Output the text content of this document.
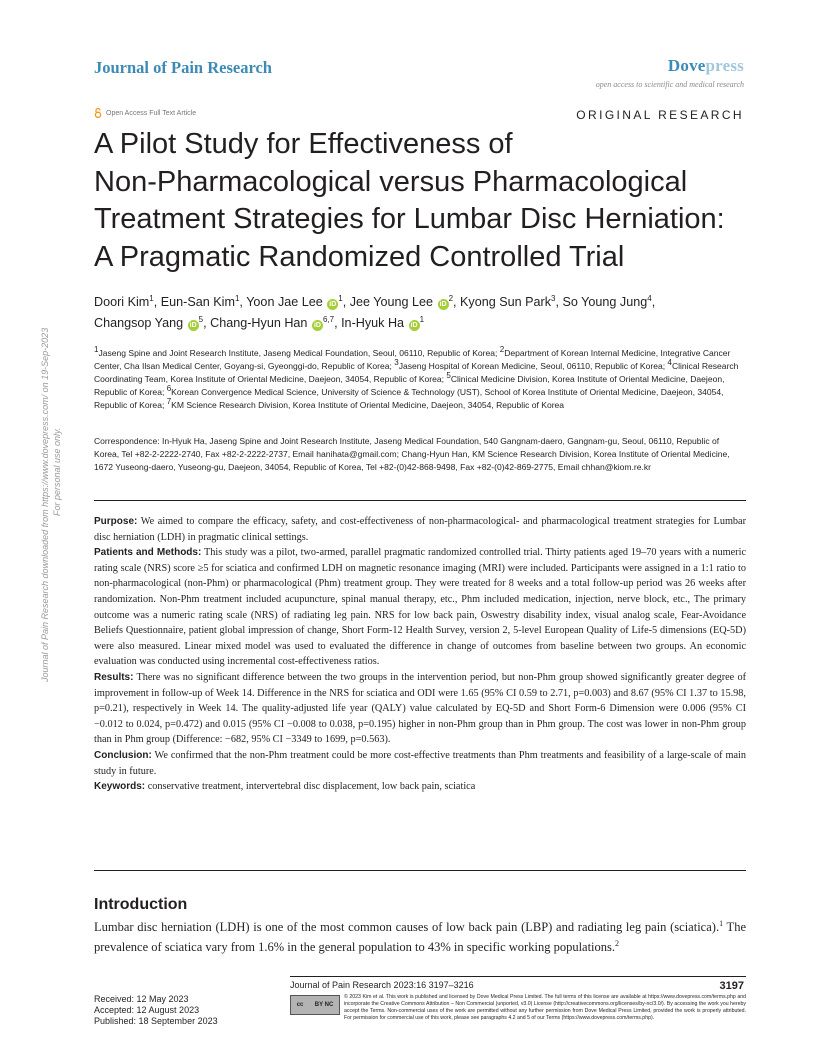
Journal of Pain Research	Dovepress
open access to scientific and medical research
Open Access Full Text Article	ORIGINAL RESEARCH
A Pilot Study for Effectiveness of
Non-Pharmacological versus Pharmacological
Treatment Strategies for Lumbar Disc Herniation:
A Pragmatic Randomized Controlled Trial
Doori Kim$^1$, Eun-San Kim$^1$, Yoon Jae Lee $iD^1$, Jee Young Lee $iD^2$, Kyong Sun Park$^3$, So Young Jung$^4$,
Changsop Yang $iD^5$, Chang-Hyun Han iD$^{6,7}$, In-Hyuk Ha $iD^1$
$^1$Jaseng Spine and Joint Research Institute, Jaseng Medical Foundation, Seoul, 06110, Republic of Korea; $^2$Department of Korean Internal Medicine, Integrative Cancer Center, Cha Ilsan Medical Center, Goyang-si, Gyeonggi-do, Republic of Korea; $^3$Jaseng Hospital of Korean Medicine, Seoul, 06110, Republic of Korea; $^4$Clinical Research Coordinating Team, Korea Institute of Oriental Medicine, Daejeon, 34054, Republic of Korea; $^5$Clinical Medicine Division, Korea Institute of Oriental Medicine, Daejeon, Republic of Korea; $^6$Korean Convergence Medical Science, University of Science & Technology (UST), School of Korea Institute of Oriental Medicine, Daejeon, 34054, Republic of Korea; $^7$KM Science Research Division, Korea Institute of Oriental Medicine, Daejeon, 34054, Republic of Korea
Correspondence: In-Hyuk Ha, Jaseng Spine and Joint Research Institute, Jaseng Medical Foundation, 540 Gangnam-daero, Gangnam-gu, Seoul, 06110, Republic of Korea, Tel +82-2-2222-2740, Fax +82-2-2222-2737, Email hanihata@gmail.com; Chang-Hyun Han, KM Science Research Division, Korea Institute of Oriental Medicine, 1672 Yuseong-daero, Yuseong-gu, Daejeon, 34054, Republic of Korea, Tel +82-(0)42-868-9498, Fax +82-(0)42-869-2775, Email chhan@kiom.re.kr

Purpose: We aimed to compare the efficacy, safety, and cost-effectiveness of non-pharmacological- and pharmacological treatment strategies for Lumbar disc herniation (LDH) in pragmatic clinical settings.

Patients and Methods: This study was a pilot, two-armed, parallel pragmatic randomized controlled trial. Thirty patients aged 19–70 years with a numeric rating scale (NRS) score ≥5 for sciatica and confirmed LDH on magnetic resonance imaging (MRI) were included. Participants were assigned in a 1:1 ratio to non-pharmacological (non-Phm) or pharmacological (Phm) treatment group. They were treated for 8 weeks and a total follow-up period was 26 weeks after randomization. Non-Phm treatment included acupuncture, spinal manual therapy, etc., Phm included medication, injection, nerve block, etc., The primary outcome was a numeric rating scale (NRS) of radiating leg pain. NRS for low back pain, Oswestry disability index, visual analog scale, Fear-Avoidance Beliefs Questionnaire, patient global impression of change, Short Form-12 Health Survey, version 2, 5-level European Quality of Life-5 dimensions (EQ-5D) were also measured. Linear mixed model was used to evaluated the difference in change of outcomes from baseline between two groups. An economic evaluation was conducted using incremental cost-effectiveness ratios.

Results: There was no significant difference between the two groups in the intervention period, but non-Phm group showed significantly greater degree of improvement in follow-up of Week 14. Difference in the NRS for sciatica and ODI were 1.65 (95% CI 0.59 to 2.71, p=0.003) and 8.67 (95% CI 1.37 to 15.98, p=0.21), respectively in Week 14. The quality-adjusted life year (QALY) value calculated by EQ-5D and Short Form-6 Dimension were 0.006 (95% CI −0.012 to 0.024, p=0.472) and 0.015 (95% CI −0.008 to 0.038, p=0.195) higher in non-Phm group than in Phm group. The cost was lower in non-Phm group than in Phm group (Difference: −682, 95% CI −3349 to 1699, p=0.563).

Conclusion: We confirmed that the non-Phm treatment could be more cost-effective treatments than Phm treatments and feasibility of a large-scale of main study in future.

Keywords: conservative treatment, intervertebral disc displacement, low back pain, sciatica

Introduction
Lumbar disc herniation (LDH) is one of the most common causes of low back pain (LBP) and radiating leg pain (sciatica).$^1$ The prevalence of sciatica vary from 1.6% in the general population to 43% in specific working populations.$^2$
Journal of Pain Research downloaded from https://www.dovepress.com/ on 19-Sep-2023 For personal use only.
Journal of Pain Research 2023:16 3197–3216	3197
Received: 12 May 2023
Accepted: 12 August 2023
Published: 18 September 2023
cc BY NC
© 2023 Kim et al. This work is published and licensed by Dove Medical Press Limited. The full terms of this license are available at https://www.dovepress.com/terms.php and incorporate the Creative Commons Attribution – Non Commercial (unported, v3.0) License (http://creativecommons.org/licenses/by-nc/3.0/). By accessing the work you hereby accept the Terms. Non-commercial uses of the work are permitted without any further permission from Dove Medical Press Limited, provided the work is properly attributed. For permission for commercial use of this work, please see paragraphs 4.2 and 5 of our Terms (https://www.dovepress.com/terms.php).
